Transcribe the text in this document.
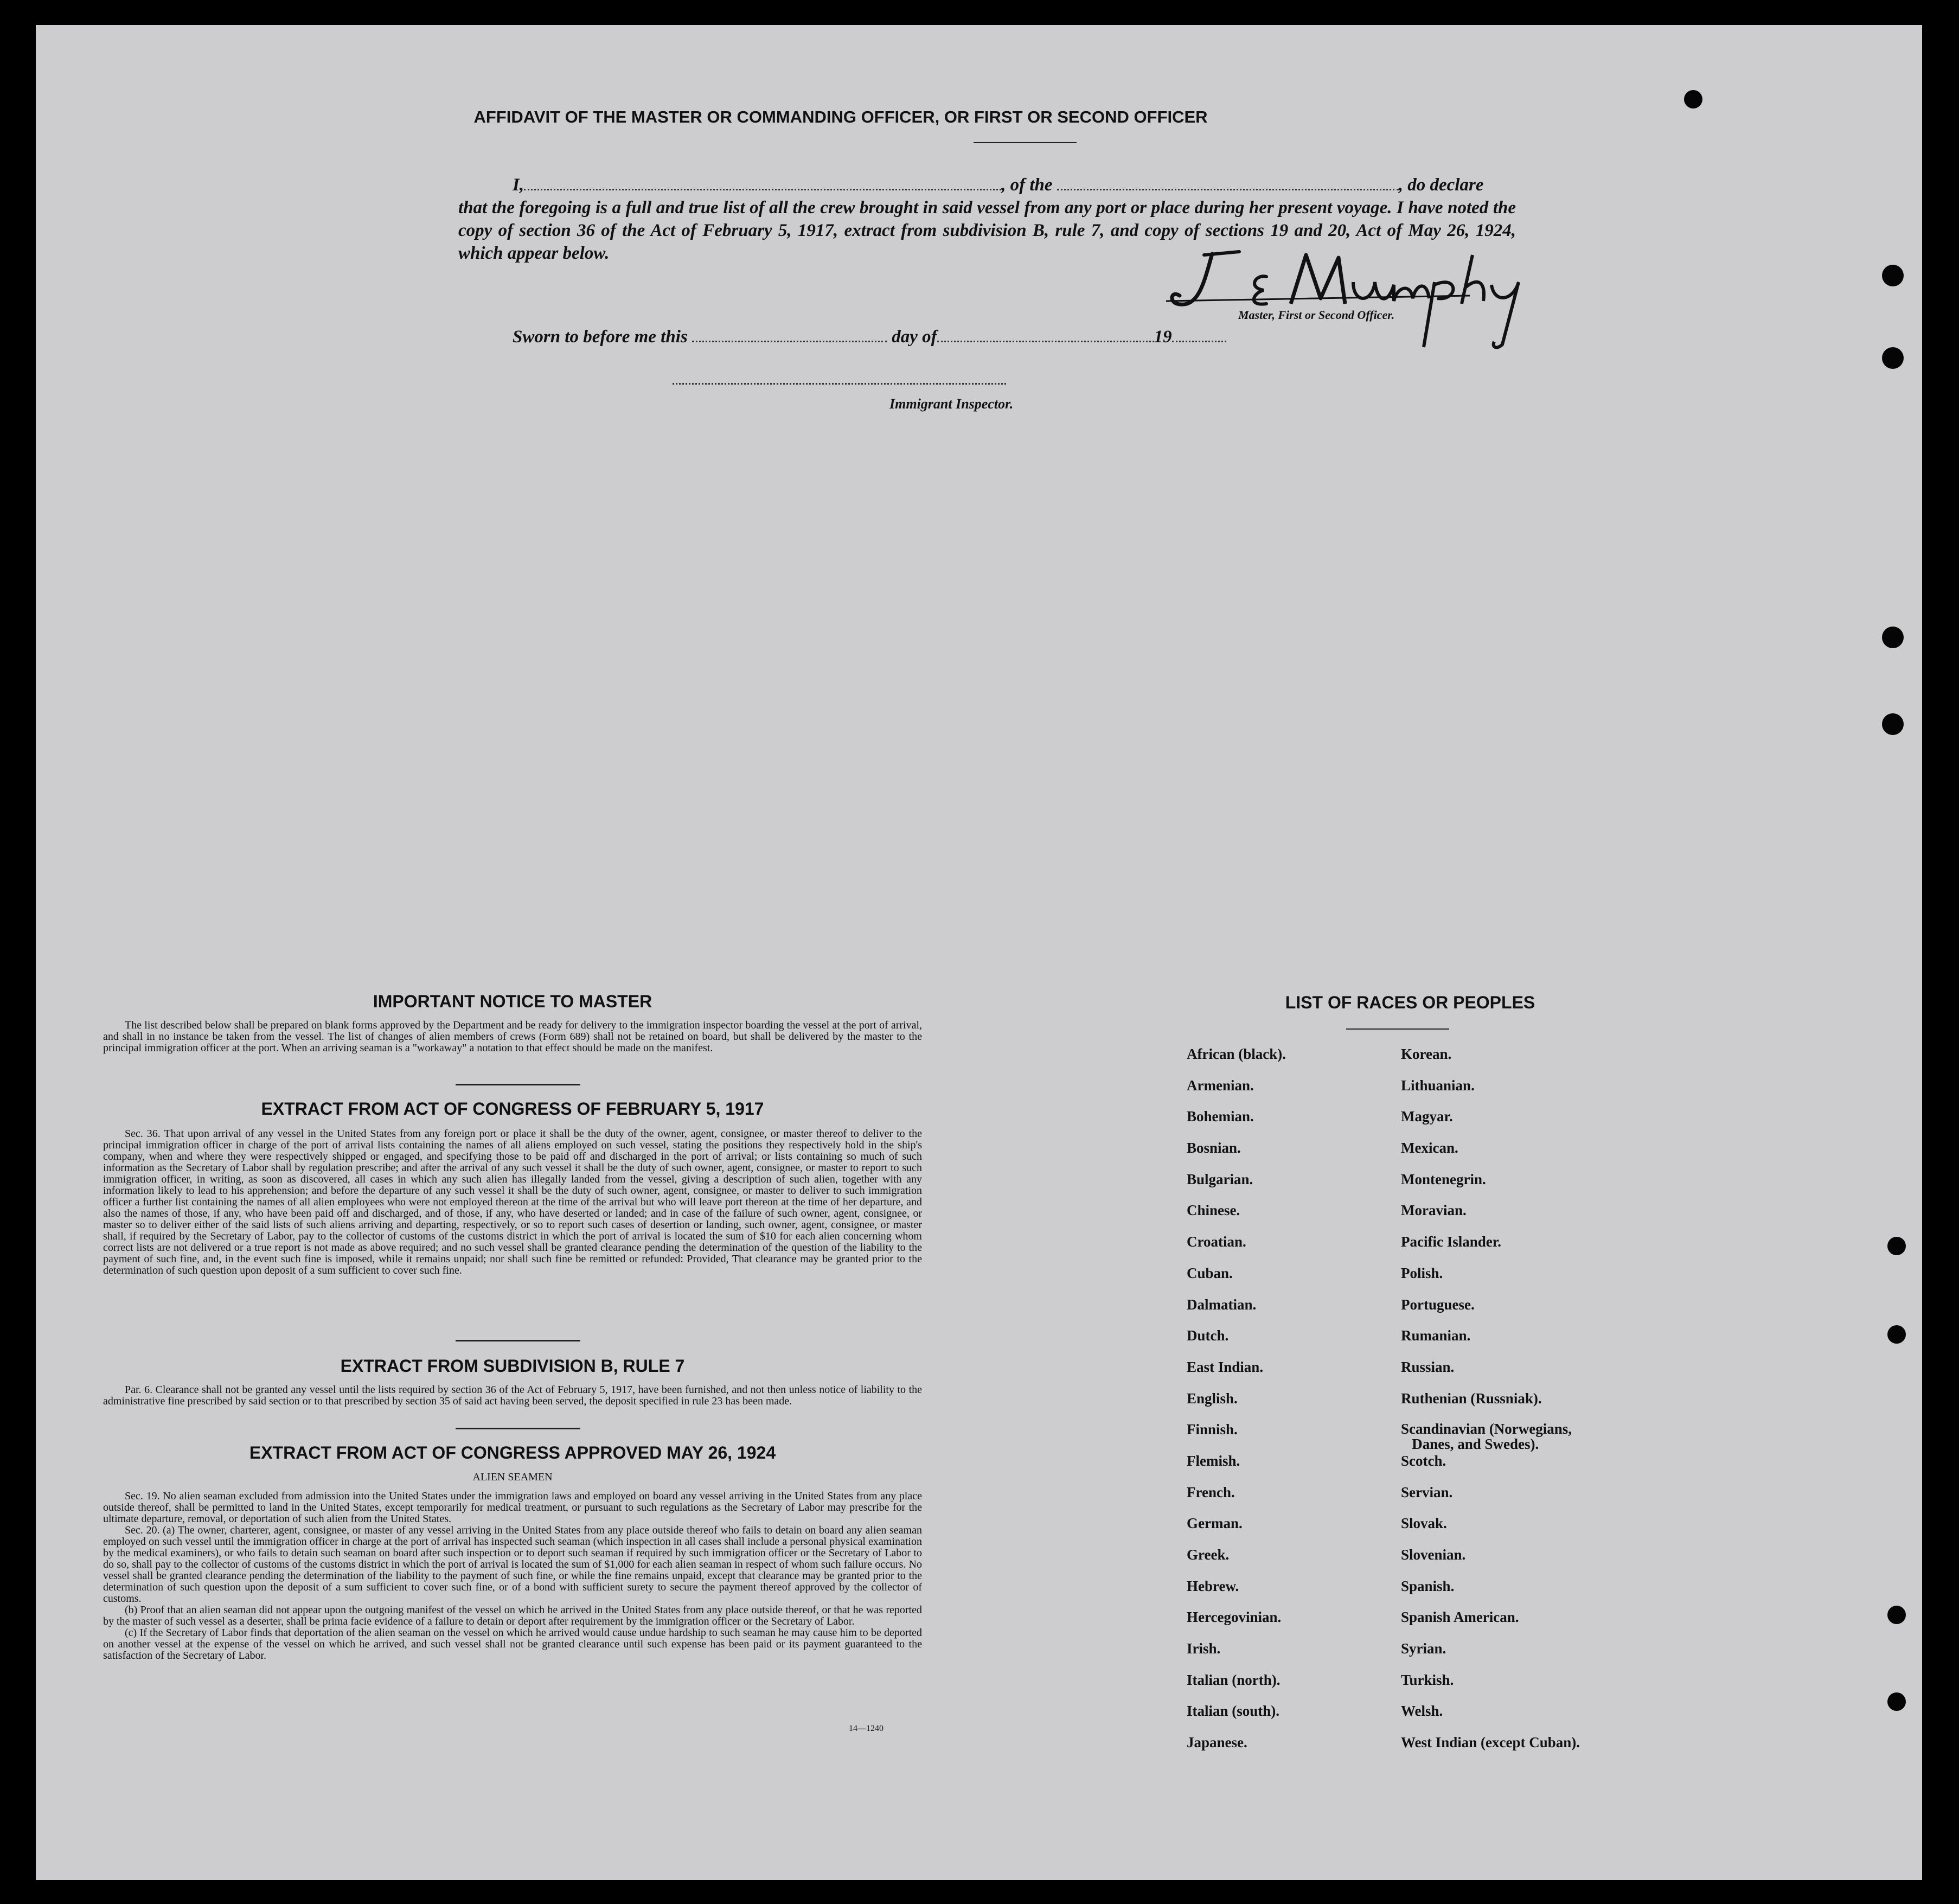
AFFIDAVIT OF THE MASTER OR COMMANDING OFFICER, OR FIRST OR SECOND OFFICER
I,	, of the	, do declare
that the foregoing is a full and true list of all the crew brought in said vessel from any port or place during her present voyage. I have noted the copy of section 36 of the Act of February 5, 1917, extract from subdivision B, rule 7, and copy of sections 19 and 20, Act of May 26, 1924, which appear below.
Master, First or Second Officer.
Sworn to before me this	day of	19
Immigrant Inspector.
IMPORTANT NOTICE TO MASTER

The list described below shall be prepared on blank forms approved by the Department and be ready for delivery to the immigration inspector boarding the vessel at the port of arrival, and shall in no instance be taken from the vessel. The list of changes of alien members of crews (Form 689) shall not be retained on board, but shall be delivered by the master to the principal immigration officer at the port. When an arriving seaman is a "workaway" a notation to that effect should be made on the manifest.

EXTRACT FROM ACT OF CONGRESS OF FEBRUARY 5, 1917

Sec. 36. That upon arrival of any vessel in the United States from any foreign port or place it shall be the duty of the owner, agent, consignee, or master thereof to deliver to the principal immigration officer in charge of the port of arrival lists containing the names of all aliens employed on such vessel, stating the positions they respectively hold in the ship's company, when and where they were respectively shipped or engaged, and specifying those to be paid off and discharged in the port of arrival; or lists containing so much of such information as the Secretary of Labor shall by regulation prescribe; and after the arrival of any such vessel it shall be the duty of such owner, agent, consignee, or master to report to such immigration officer, in writing, as soon as discovered, all cases in which any such alien has illegally landed from the vessel, giving a description of such alien, together with any information likely to lead to his apprehension; and before the departure of any such vessel it shall be the duty of such owner, agent, consignee, or master to deliver to such immigration officer a further list containing the names of all alien employees who were not employed thereon at the time of the arrival but who will leave port thereon at the time of her departure, and also the names of those, if any, who have been paid off and discharged, and of those, if any, who have deserted or landed; and in case of the failure of such owner, agent, consignee, or master so to deliver either of the said lists of such aliens arriving and departing, respectively, or so to report such cases of desertion or landing, such owner, agent, consignee, or master shall, if required by the Secretary of Labor, pay to the collector of customs of the customs district in which the port of arrival is located the sum of $10 for each alien concerning whom correct lists are not delivered or a true report is not made as above required; and no such vessel shall be granted clearance pending the determination of the question of the liability to the payment of such fine, and, in the event such fine is imposed, while it remains unpaid; nor shall such fine be remitted or refunded: Provided, That clearance may be granted prior to the determination of such question upon deposit of a sum sufficient to cover such fine.

EXTRACT FROM SUBDIVISION B, RULE 7

Par. 6. Clearance shall not be granted any vessel until the lists required by section 36 of the Act of February 5, 1917, have been furnished, and not then unless notice of liability to the administrative fine prescribed by said section or to that prescribed by section 35 of said act having been served, the deposit specified in rule 23 has been made.

EXTRACT FROM ACT OF CONGRESS APPROVED MAY 26, 1924
ALIEN SEAMEN

Sec. 19. No alien seaman excluded from admission into the United States under the immigration laws and employed on board any vessel arriving in the United States from any place outside thereof, shall be permitted to land in the United States, except temporarily for medical treatment, or pursuant to such regulations as the Secretary of Labor may prescribe for the ultimate departure, removal, or deportation of such alien from the United States.

Sec. 20. (a) The owner, charterer, agent, consignee, or master of any vessel arriving in the United States from any place outside thereof who fails to detain on board any alien seaman employed on such vessel until the immigration officer in charge at the port of arrival has inspected such seaman (which inspection in all cases shall include a personal physical examination by the medical examiners), or who fails to detain such seaman on board after such inspection or to deport such seaman if required by such immigration officer or the Secretary of Labor to do so, shall pay to the collector of customs of the customs district in which the port of arrival is located the sum of $1,000 for each alien seaman in respect of whom such failure occurs. No vessel shall be granted clearance pending the determination of the liability to the payment of such fine, or while the fine remains unpaid, except that clearance may be granted prior to the determination of such question upon the deposit of a sum sufficient to cover such fine, or of a bond with sufficient surety to secure the payment thereof approved by the collector of customs.

(b) Proof that an alien seaman did not appear upon the outgoing manifest of the vessel on which he arrived in the United States from any place outside thereof, or that he was reported by the master of such vessel as a deserter, shall be prima facie evidence of a failure to detain or deport after requirement by the immigration officer or the Secretary of Labor.

(c) If the Secretary of Labor finds that deportation of the alien seaman on the vessel on which he arrived would cause undue hardship to such seaman he may cause him to be deported on another vessel at the expense of the vessel on which he arrived, and such vessel shall not be granted clearance until such expense has been paid or its payment guaranteed to the satisfaction of the Secretary of Labor.

14—1240
LIST OF RACES OR PEOPLES
African (black).
Armenian.
Bohemian.
Bosnian.
Bulgarian.
Chinese.
Croatian.
Cuban.
Dalmatian.
Dutch.
East Indian.
English.
Finnish.
Flemish.
French.
German.
Greek.
Hebrew.
Hercegovinian.
Irish.
Italian (north).
Italian (south).
Japanese.
Korean.
Lithuanian.
Magyar.
Mexican.
Montenegrin.
Moravian.
Pacific Islander.
Polish.
Portuguese.
Rumanian.
Russian.
Ruthenian (Russniak).
Scandinavian (Norwegians,
Danes, and Swedes).
Scotch.
Servian.
Slovak.
Slovenian.
Spanish.
Spanish American.
Syrian.
Turkish.
Welsh.
West Indian (except Cuban).
